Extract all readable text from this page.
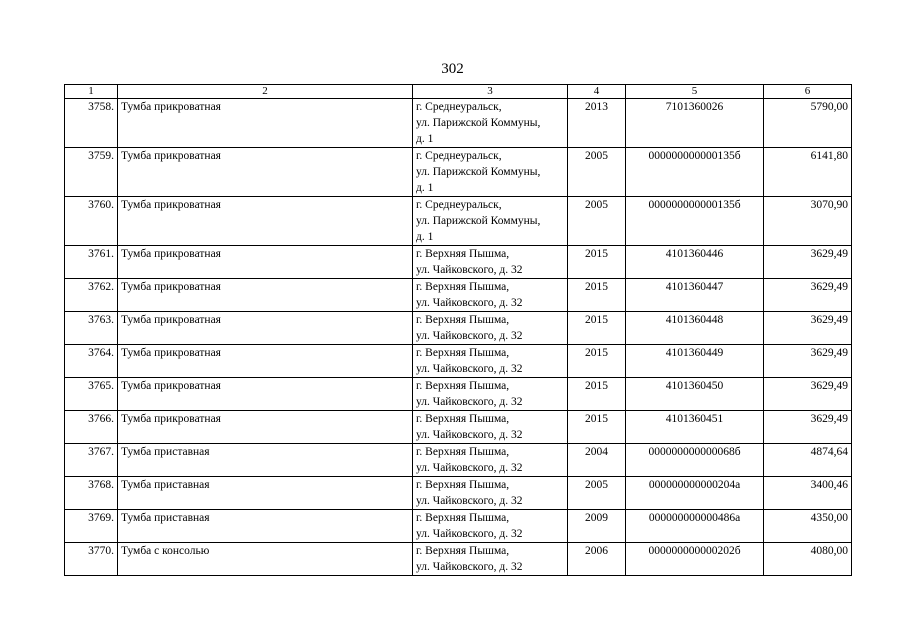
302
1	2	3	4	5	6
3758.	Тумба прикроватная	г. Среднеуральск,
ул. Парижской Коммуны,
д. 1	2013	7101360026	5790,00
3759.	Тумба прикроватная	г. Среднеуральск,
ул. Парижской Коммуны,
д. 1	2005	000000000000135б	6141,80
3760.	Тумба прикроватная	г. Среднеуральск,
ул. Парижской Коммуны,
д. 1	2005	000000000000135б	3070,90
3761.	Тумба прикроватная	г. Верхняя Пышма,
ул. Чайковского, д. 32	2015	4101360446	3629,49
3762.	Тумба прикроватная	г. Верхняя Пышма,
ул. Чайковского, д. 32	2015	4101360447	3629,49
3763.	Тумба прикроватная	г. Верхняя Пышма,
ул. Чайковского, д. 32	2015	4101360448	3629,49
3764.	Тумба прикроватная	г. Верхняя Пышма,
ул. Чайковского, д. 32	2015	4101360449	3629,49
3765.	Тумба прикроватная	г. Верхняя Пышма,
ул. Чайковского, д. 32	2015	4101360450	3629,49
3766.	Тумба прикроватная	г. Верхняя Пышма,
ул. Чайковского, д. 32	2015	4101360451	3629,49
3767.	Тумба приставная	г. Верхняя Пышма,
ул. Чайковского, д. 32	2004	000000000000068б	4874,64
3768.	Тумба приставная	г. Верхняя Пышма,
ул. Чайковского, д. 32	2005	000000000000204а	3400,46
3769.	Тумба приставная	г. Верхняя Пышма,
ул. Чайковского, д. 32	2009	000000000000486а	4350,00
3770.	Тумба с консолью	г. Верхняя Пышма,
ул. Чайковского, д. 32	2006	000000000000202б	4080,00
